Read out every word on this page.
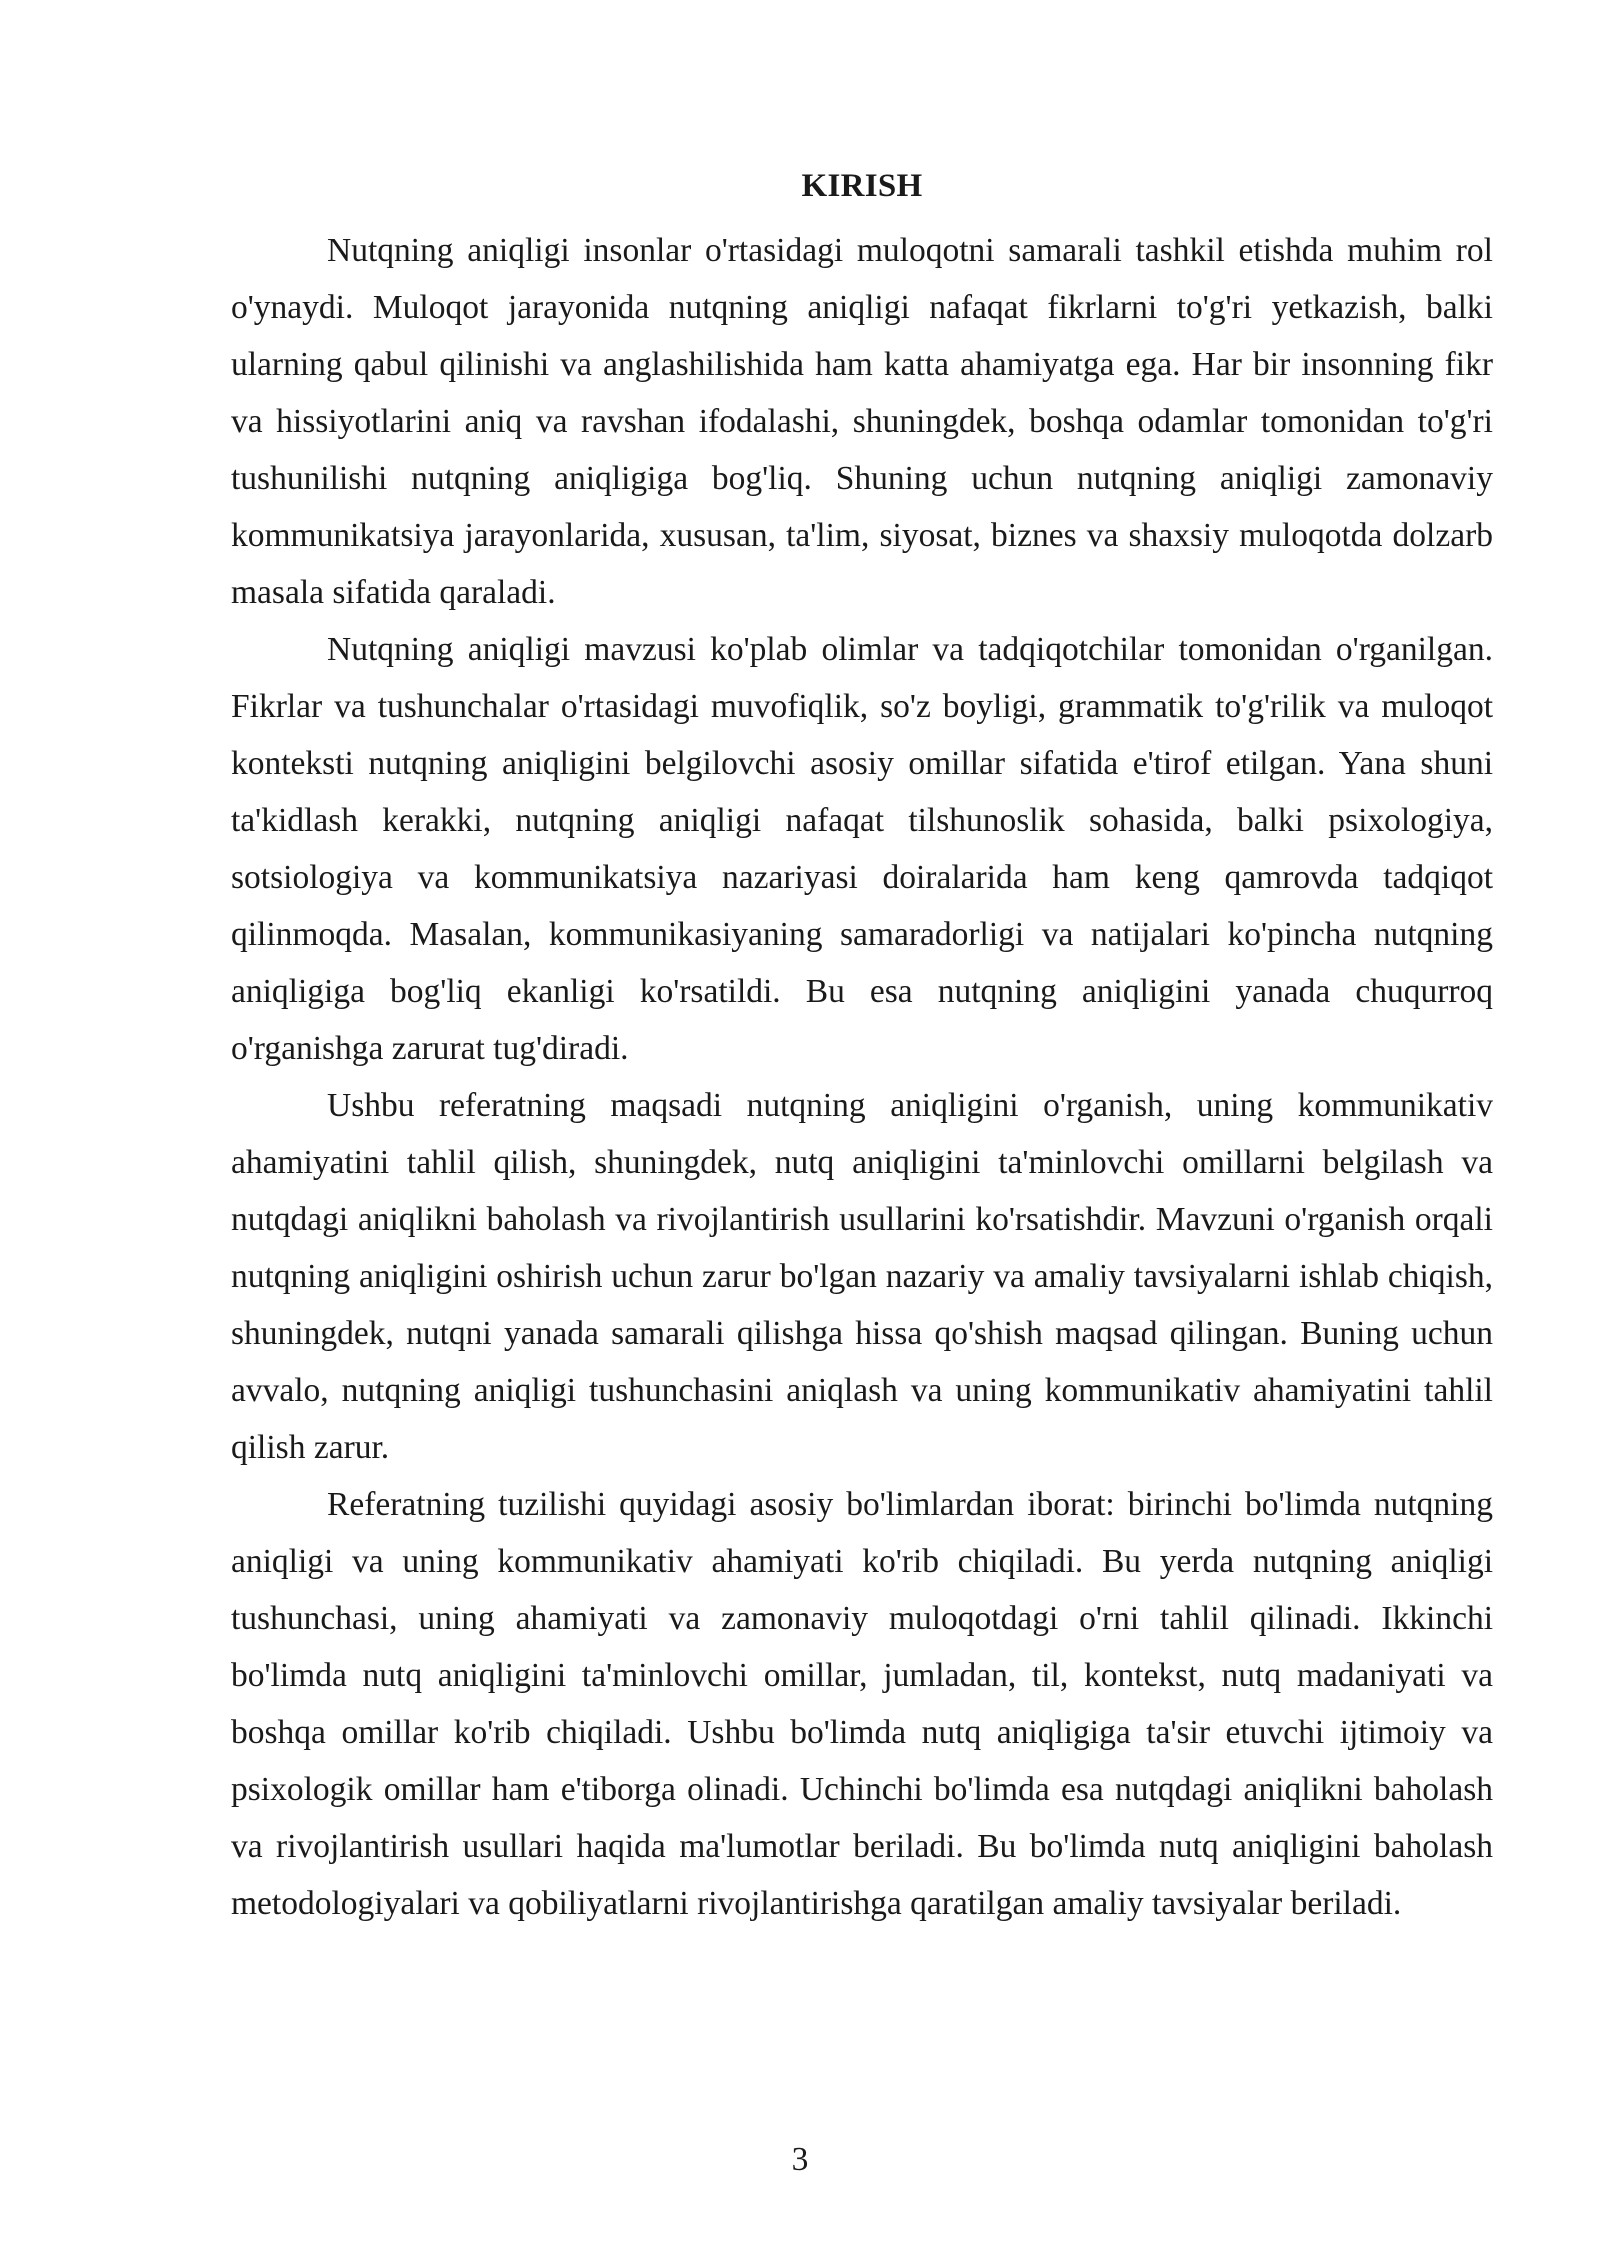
KIRISH

Nutqning aniqligi insonlar o'rtasidagi muloqotni samarali tashkil etishda muhim rol o'ynaydi. Muloqot jarayonida nutqning aniqligi nafaqat fikrlarni to'g'ri yetkazish, balki ularning qabul qilinishi va anglashilishida ham katta ahamiyatga ega. Har bir insonning fikr va hissiyotlarini aniq va ravshan ifodalashi, shuningdek, boshqa odamlar tomonidan to'g'ri tushunilishi nutqning aniqligiga bog'liq. Shuning uchun nutqning aniqligi zamonaviy kommunikatsiya jarayonlarida, xususan, ta'lim, siyosat, biznes va shaxsiy muloqotda dolzarb masala sifatida qaraladi.

Nutqning aniqligi mavzusi ko'plab olimlar va tadqiqotchilar tomonidan o'rganilgan. Fikrlar va tushunchalar o'rtasidagi muvofiqlik, so'z boyligi, grammatik to'g'rilik va muloqot konteksti nutqning aniqligini belgilovchi asosiy omillar sifatida e'tirof etilgan. Yana shuni ta'kidlash kerakki, nutqning aniqligi nafaqat tilshunoslik sohasida, balki psixologiya, sotsiologiya va kommunikatsiya nazariyasi doiralarida ham keng qamrovda tadqiqot qilinmoqda. Masalan, kommunikasiyaning samaradorligi va natijalari ko'pincha nutqning aniqligiga bog'liq ekanligi ko'rsatildi. Bu esa nutqning aniqligini yanada chuqurroq o'rganishga zarurat tug'diradi.

Ushbu referatning maqsadi nutqning aniqligini o'rganish, uning kommunikativ ahamiyatini tahlil qilish, shuningdek, nutq aniqligini ta'minlovchi omillarni belgilash va nutqdagi aniqlikni baholash va rivojlantirish usullarini ko'rsatishdir. Mavzuni o'rganish orqali nutqning aniqligini oshirish uchun zarur bo'lgan nazariy va amaliy tavsiyalarni ishlab chiqish, shuningdek, nutqni yanada samarali qilishga hissa qo'shish maqsad qilingan. Buning uchun avvalo, nutqning aniqligi tushunchasini aniqlash va uning kommunikativ ahamiyatini tahlil qilish zarur.

Referatning tuzilishi quyidagi asosiy bo'limlardan iborat: birinchi bo'limda nutqning aniqligi va uning kommunikativ ahamiyati ko'rib chiqiladi. Bu yerda nutqning aniqligi tushunchasi, uning ahamiyati va zamonaviy muloqotdagi o'rni tahlil qilinadi. Ikkinchi bo'limda nutq aniqligini ta'minlovchi omillar, jumladan, til, kontekst, nutq madaniyati va boshqa omillar ko'rib chiqiladi. Ushbu bo'limda nutq aniqligiga ta'sir etuvchi ijtimoiy va psixologik omillar ham e'tiborga olinadi. Uchinchi bo'limda esa nutqdagi aniqlikni baholash va rivojlantirish usullari haqida ma'lumotlar beriladi. Bu bo'limda nutq aniqligini baholash metodologiyalari va qobiliyatlarni rivojlantirishga qaratilgan amaliy tavsiyalar beriladi.

3
